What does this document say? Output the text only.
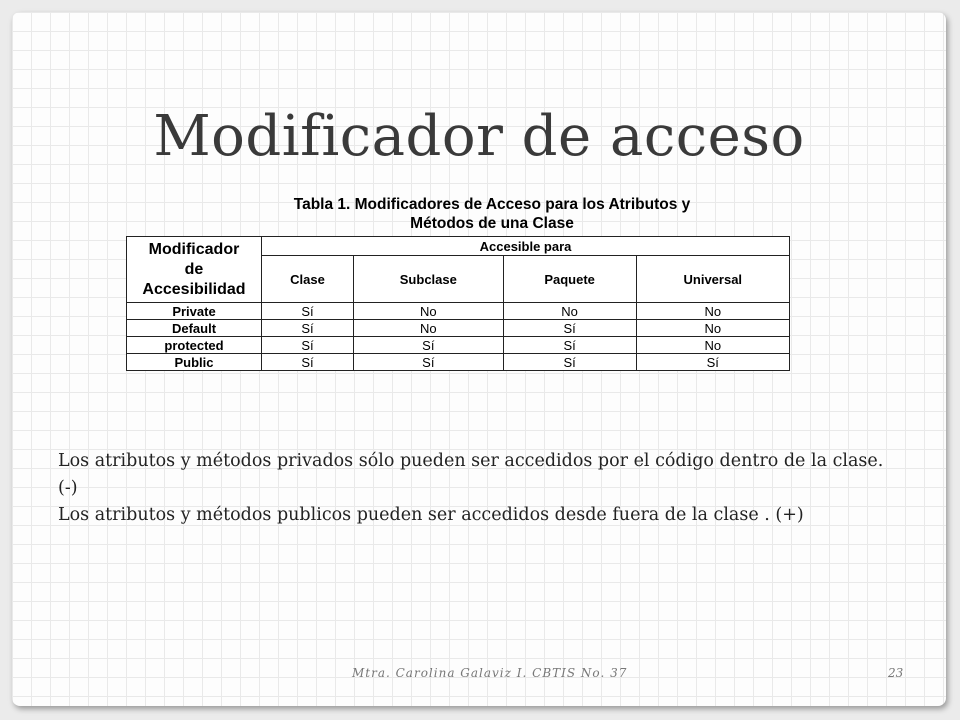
Modificador de acceso
Tabla 1. Modificadores de Acceso para los Atributos y
Métodos de una Clase
Modificador
de
Accesibilidad	Accesible para			
	Clase	Subclase	Paquete	Universal
Private	Sí	No	No	No
Default	Sí	No	Sí	No
protected	Sí	Sí	Sí	No
Public	Sí	Sí	Sí	Sí

Los atributos y métodos privados sólo pueden ser accedidos por el código dentro de la clase. (-)

Los atributos y métodos publicos pueden ser accedidos desde fuera de la clase . (+)

Mtra. Carolina Galaviz I. CBTIS No. 37	23
